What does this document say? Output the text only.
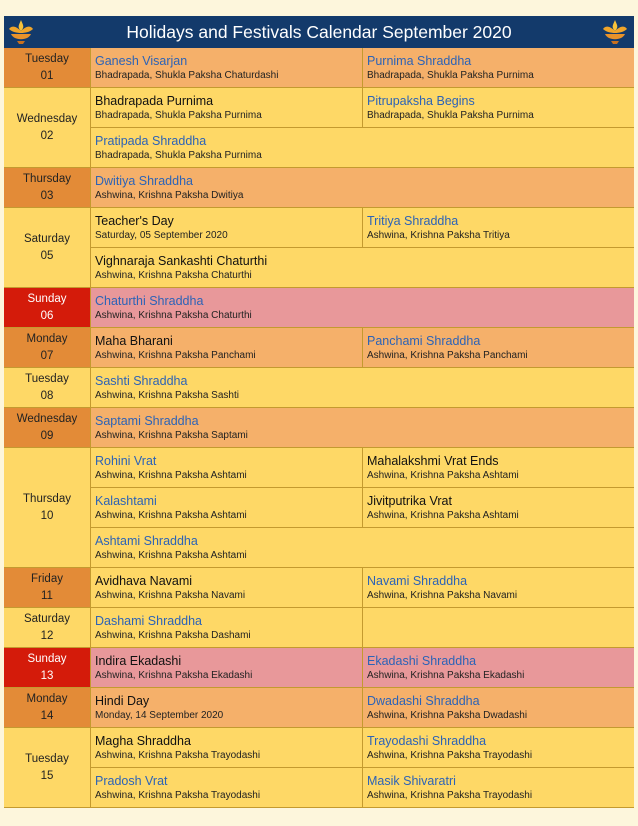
Holidays and Festivals Calendar September 2020
Tuesday
01
Ganesh Visarjan
Bhadrapada, Shukla Paksha Chaturdashi
Purnima Shraddha
Bhadrapada, Shukla Paksha Purnima
Wednesday
02
Bhadrapada Purnima
Bhadrapada, Shukla Paksha Purnima
Pitrupaksha Begins
Bhadrapada, Shukla Paksha Purnima
Pratipada Shraddha
Bhadrapada, Shukla Paksha Purnima
Thursday
03
Dwitiya Shraddha
Ashwina, Krishna Paksha Dwitiya
Saturday
05
Teacher's Day
Saturday, 05 September 2020
Tritiya Shraddha
Ashwina, Krishna Paksha Tritiya
Vighnaraja Sankashti Chaturthi
Ashwina, Krishna Paksha Chaturthi
Sunday
06
Chaturthi Shraddha
Ashwina, Krishna Paksha Chaturthi
Monday
07
Maha Bharani
Ashwina, Krishna Paksha Panchami
Panchami Shraddha
Ashwina, Krishna Paksha Panchami
Tuesday
08
Sashti Shraddha
Ashwina, Krishna Paksha Sashti
Wednesday
09
Saptami Shraddha
Ashwina, Krishna Paksha Saptami
Thursday
10
Rohini Vrat
Ashwina, Krishna Paksha Ashtami
Mahalakshmi Vrat Ends
Ashwina, Krishna Paksha Ashtami
Kalashtami
Ashwina, Krishna Paksha Ashtami
Jivitputrika Vrat
Ashwina, Krishna Paksha Ashtami
Ashtami Shraddha
Ashwina, Krishna Paksha Ashtami
Friday
11
Avidhava Navami
Ashwina, Krishna Paksha Navami
Navami Shraddha
Ashwina, Krishna Paksha Navami
Saturday
12
Dashami Shraddha
Ashwina, Krishna Paksha Dashami
Sunday
13
Indira Ekadashi
Ashwina, Krishna Paksha Ekadashi
Ekadashi Shraddha
Ashwina, Krishna Paksha Ekadashi
Monday
14
Hindi Day
Monday, 14 September 2020
Dwadashi Shraddha
Ashwina, Krishna Paksha Dwadashi
Tuesday
15
Magha Shraddha
Ashwina, Krishna Paksha Trayodashi
Trayodashi Shraddha
Ashwina, Krishna Paksha Trayodashi
Pradosh Vrat
Ashwina, Krishna Paksha Trayodashi
Masik Shivaratri
Ashwina, Krishna Paksha Trayodashi
